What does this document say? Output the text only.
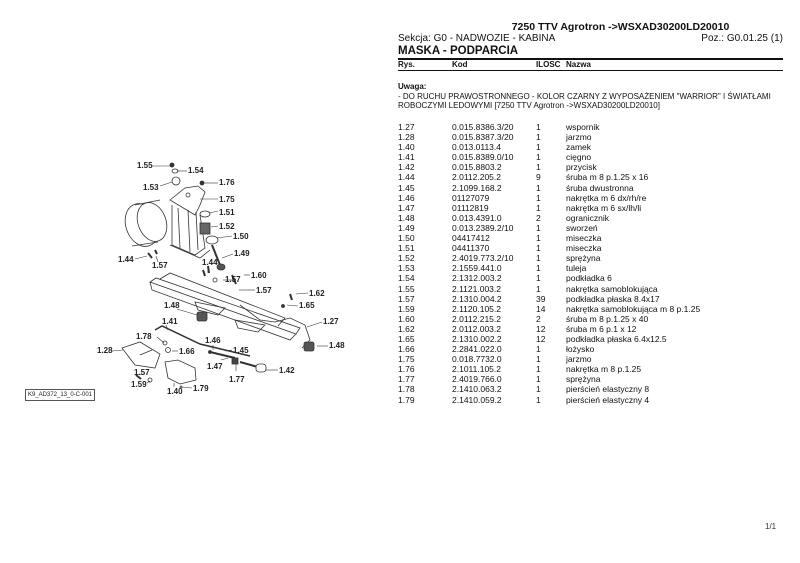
1.55
1.54
1.53
1.76
1.75
1.51
1.52
1.50
1.49
1.44
1.57	1.44
1.57 1.60
1.57	1.62
1.65
1.48
1.27
1.48
1.41
1.78
1.28	1.66
1.46
1.45
1.47
1.77
1.42
1.57
1.59
1.40 1.79
K9_AD372_13_0-C-001
7250 TTV Agrotron ->WSXAD30200LD20010
Sekcja: G0 - NADWOZIE - KABINA	Poz.: G0.01.25 (1)
MASKA - PODPARCIA
Rys.	Kod	ILOSC Nazwa
Uwaga:
- DO RUCHU PRAWOSTRONNEGO - KOLOR CZARNY Z WYPOSAŻENIEM "WARRIOR" I ŚWIATŁAMI ROBOCZYMI LEDOWYMI [7250 TTV Agrotron ->WSXAD30200LD20010]
1.27	0.015.8386.3/20	1	wspornik
1.28	0.015.8387.3/20	1	jarzmo
1.40	0.013.0113.4	1	zamek
1.41	0.015.8389.0/10	1	cięgno
1.42	0.015.8803.2	1	przycisk
1.44	2.0112.205.2	9	śruba m 8 p.1.25 x 16
1.45	2.1099.168.2	1	śruba dwustronna
1.46	01127079	1	nakrętka m 6 dx/rh/re
1.47	01112819	1	nakrętka m 6 sx/lh/li
1.48	0.013.4391.0	2	ogranicznik
1.49	0.013.2389.2/10	1	sworzeń
1.50	04417412	1	miseczka
1.51	04411370	1	miseczka
1.52	2.4019.773.2/10	1	sprężyna
1.53	2.1559.441.0	1	tuleja
1.54	2.1312.003.2	1	podkładka 6
1.55	2.1121.003.2	1	nakrętka samoblokująca
1.57	2.1310.004.2	39 podkładka płaska 8.4x17
1.59	2.1120.105.2	14 nakrętka samoblokująca m 8 p.1.25
1.60	2.0112.215.2	2	śruba m 8 p.1.25 x 40
1.62	2.0112.003.2	12 śruba m 6 p.1 x 12
1.65	2.1310.002.2	12 podkładka płaska 6.4x12.5
1.66	2.2841.022.0	1	łożysko
1.75	0.018.7732.0	1	jarzmo
1.76	2.1011.105.2	1	nakrętka m 8 p.1.25
1.77	2.4019.766.0	1	sprężyna
1.78	2.1410.063.2	1	pierścień elastyczny 8
1.79	2.1410.059.2	1	pierścień elastyczny 4
1/1
